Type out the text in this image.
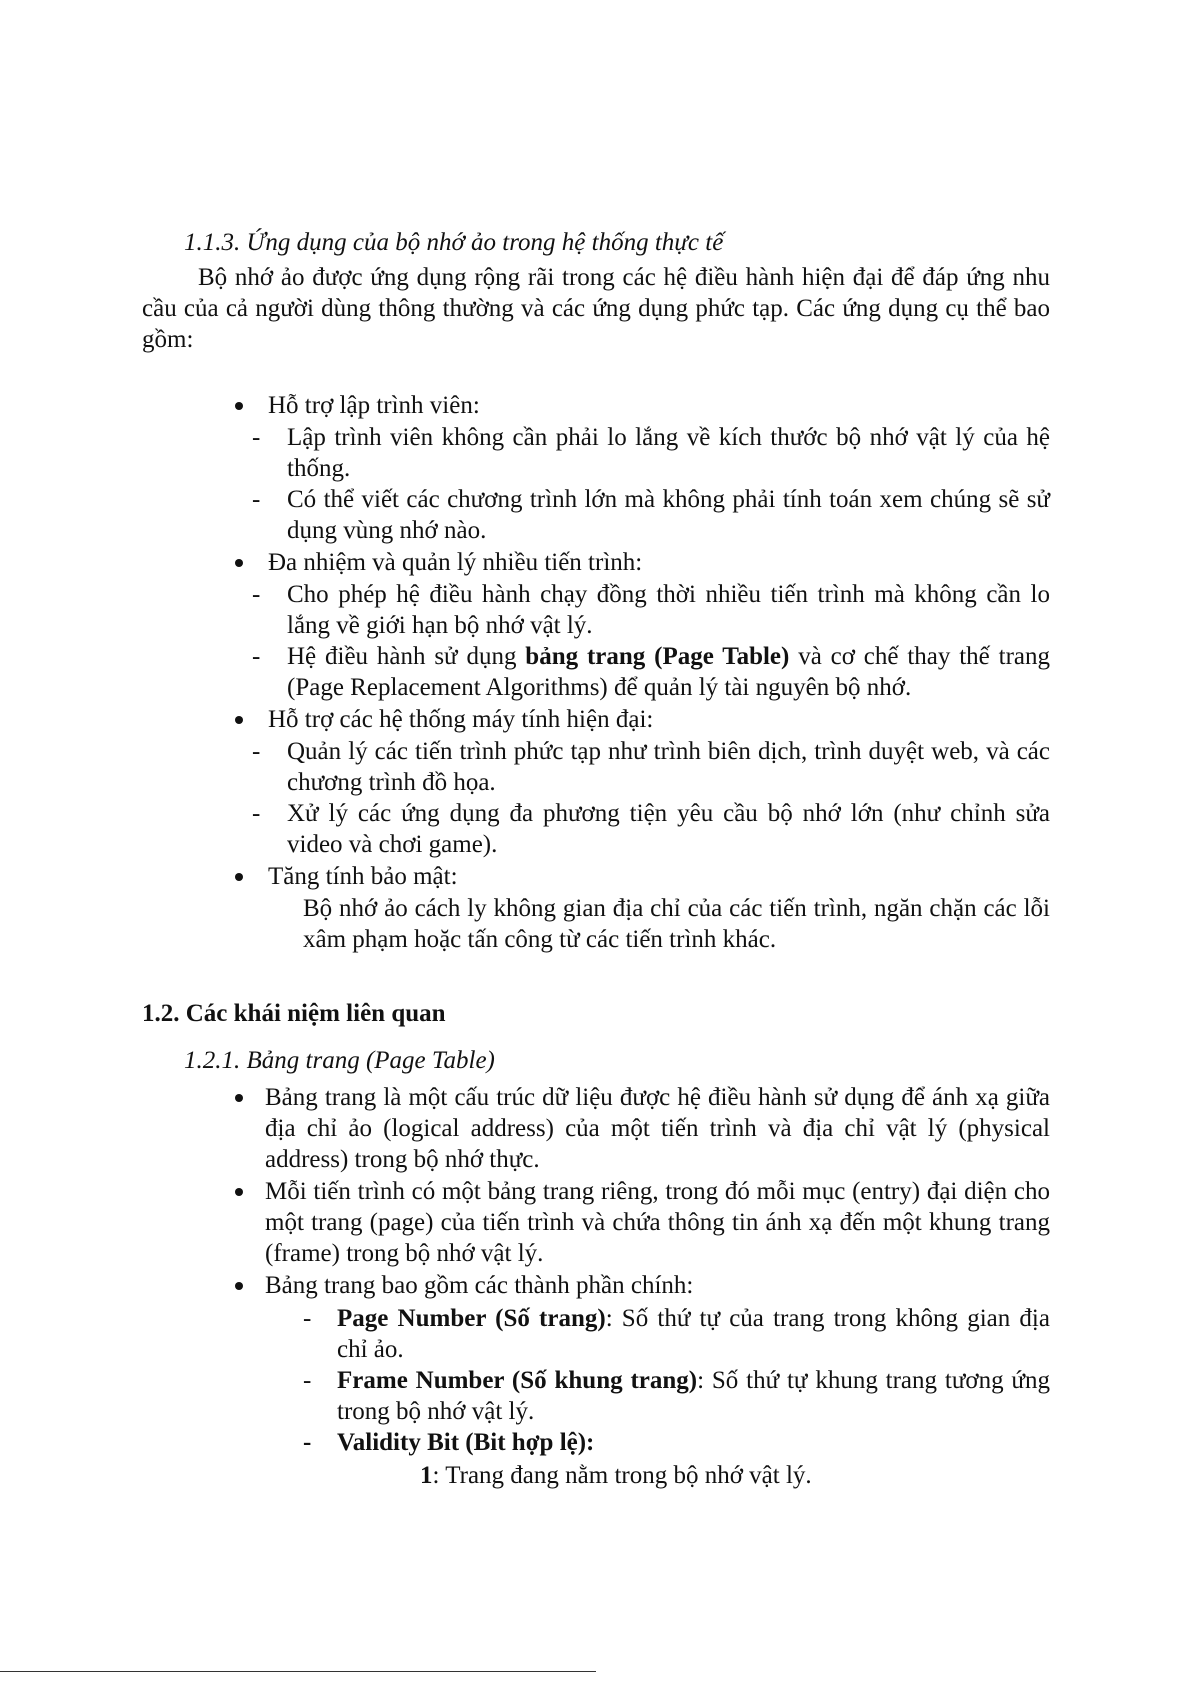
1.1.3. Ứng dụng của bộ nhớ ảo trong hệ thống thực tế
Bộ nhớ ảo được ứng dụng rộng rãi trong các hệ điều hành hiện đại để đáp ứng nhu cầu của cả người dùng thông thường và các ứng dụng phức tạp. Các ứng dụng cụ thể bao gồm:
Hỗ trợ lập trình viên:
- Lập trình viên không cần phải lo lắng về kích thước bộ nhớ vật lý của hệ thống.
- Có thể viết các chương trình lớn mà không phải tính toán xem chúng sẽ sử dụng vùng nhớ nào.
Đa nhiệm và quản lý nhiều tiến trình:
- Cho phép hệ điều hành chạy đồng thời nhiều tiến trình mà không cần lo lắng về giới hạn bộ nhớ vật lý.
- Hệ điều hành sử dụng bảng trang (Page Table) và cơ chế thay thế trang (Page Replacement Algorithms) để quản lý tài nguyên bộ nhớ.
Hỗ trợ các hệ thống máy tính hiện đại:
- Quản lý các tiến trình phức tạp như trình biên dịch, trình duyệt web, và các chương trình đồ họa.
- Xử lý các ứng dụng đa phương tiện yêu cầu bộ nhớ lớn (như chỉnh sửa video và chơi game).
Tăng tính bảo mật:
Bộ nhớ ảo cách ly không gian địa chỉ của các tiến trình, ngăn chặn các lỗi xâm phạm hoặc tấn công từ các tiến trình khác.
1.2. Các khái niệm liên quan
1.2.1. Bảng trang (Page Table)
Bảng trang là một cấu trúc dữ liệu được hệ điều hành sử dụng để ánh xạ giữa địa chỉ ảo (logical address) của một tiến trình và địa chỉ vật lý (physical address) trong bộ nhớ thực.
Mỗi tiến trình có một bảng trang riêng, trong đó mỗi mục (entry) đại diện cho một trang (page) của tiến trình và chứa thông tin ánh xạ đến một khung trang (frame) trong bộ nhớ vật lý.
Bảng trang bao gồm các thành phần chính:
- Page Number (Số trang): Số thứ tự của trang trong không gian địa chỉ ảo.
- Frame Number (Số khung trang): Số thứ tự khung trang tương ứng trong bộ nhớ vật lý.
- Validity Bit (Bit hợp lệ):
1: Trang đang nằm trong bộ nhớ vật lý.
